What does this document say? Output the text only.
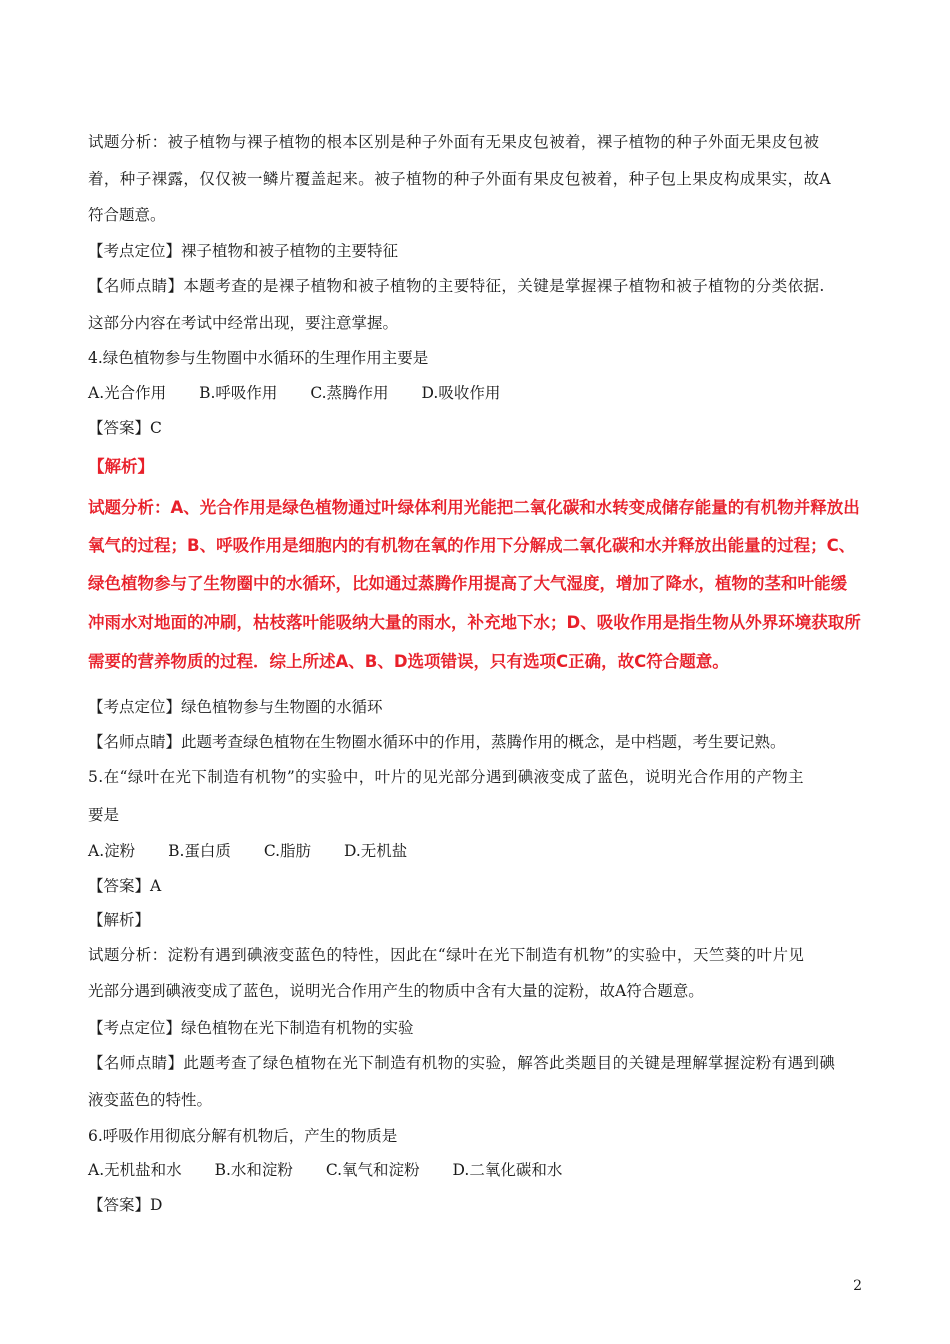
试题分析：被子植物与裸子植物的根本区别是种子外面有无果皮包被着，裸子植物的种子外面无果皮包被

着，种子裸露，仅仅被一鳞片覆盖起来。被子植物的种子外面有果皮包被着，种子包上果皮构成果实，故A

符合题意。

【考点定位】裸子植物和被子植物的主要特征

【名师点睛】本题考查的是裸子植物和被子植物的主要特征，关键是掌握裸子植物和被子植物的分类依据.

这部分内容在考试中经常出现，要注意掌握。

4.绿色植物参与生物圈中水循环的生理作用主要是

A.光合作用 B.呼吸作用 C.蒸腾作用 D.吸收作用

【答案】C

【解析】

试题分析：A、光合作用是绿色植物通过叶绿体利用光能把二氧化碳和水转变成储存能量的有机物并释放出

氧气的过程；B、呼吸作用是细胞内的有机物在氧的作用下分解成二氧化碳和水并释放出能量的过程；C、

绿色植物参与了生物圈中的水循环，比如通过蒸腾作用提高了大气湿度，增加了降水，植物的茎和叶能缓

冲雨水对地面的冲刷，枯枝落叶能吸纳大量的雨水，补充地下水；D、吸收作用是指生物从外界环境获取所

需要的营养物质的过程．综上所述A、B、D选项错误，只有选项C正确，故C符合题意。

【考点定位】绿色植物参与生物圈的水循环

【名师点睛】此题考查绿色植物在生物圈水循环中的作用，蒸腾作用的概念，是中档题，考生要记熟。

5.在“绿叶在光下制造有机物”的实验中，叶片的见光部分遇到碘液变成了蓝色，说明光合作用的产物主

要是

A.淀粉 B.蛋白质 C.脂肪 D.无机盐

【答案】A

【解析】

试题分析：淀粉有遇到碘液变蓝色的特性，因此在“绿叶在光下制造有机物”的实验中，天竺葵的叶片见

光部分遇到碘液变成了蓝色，说明光合作用产生的物质中含有大量的淀粉，故A符合题意。

【考点定位】绿色植物在光下制造有机物的实验

【名师点睛】此题考查了绿色植物在光下制造有机物的实验，解答此类题目的关键是理解掌握淀粉有遇到碘

液变蓝色的特性。

6.呼吸作用彻底分解有机物后，产生的物质是

A.无机盐和水 B.水和淀粉 C.氧气和淀粉 D.二氧化碳和水

【答案】D

2
